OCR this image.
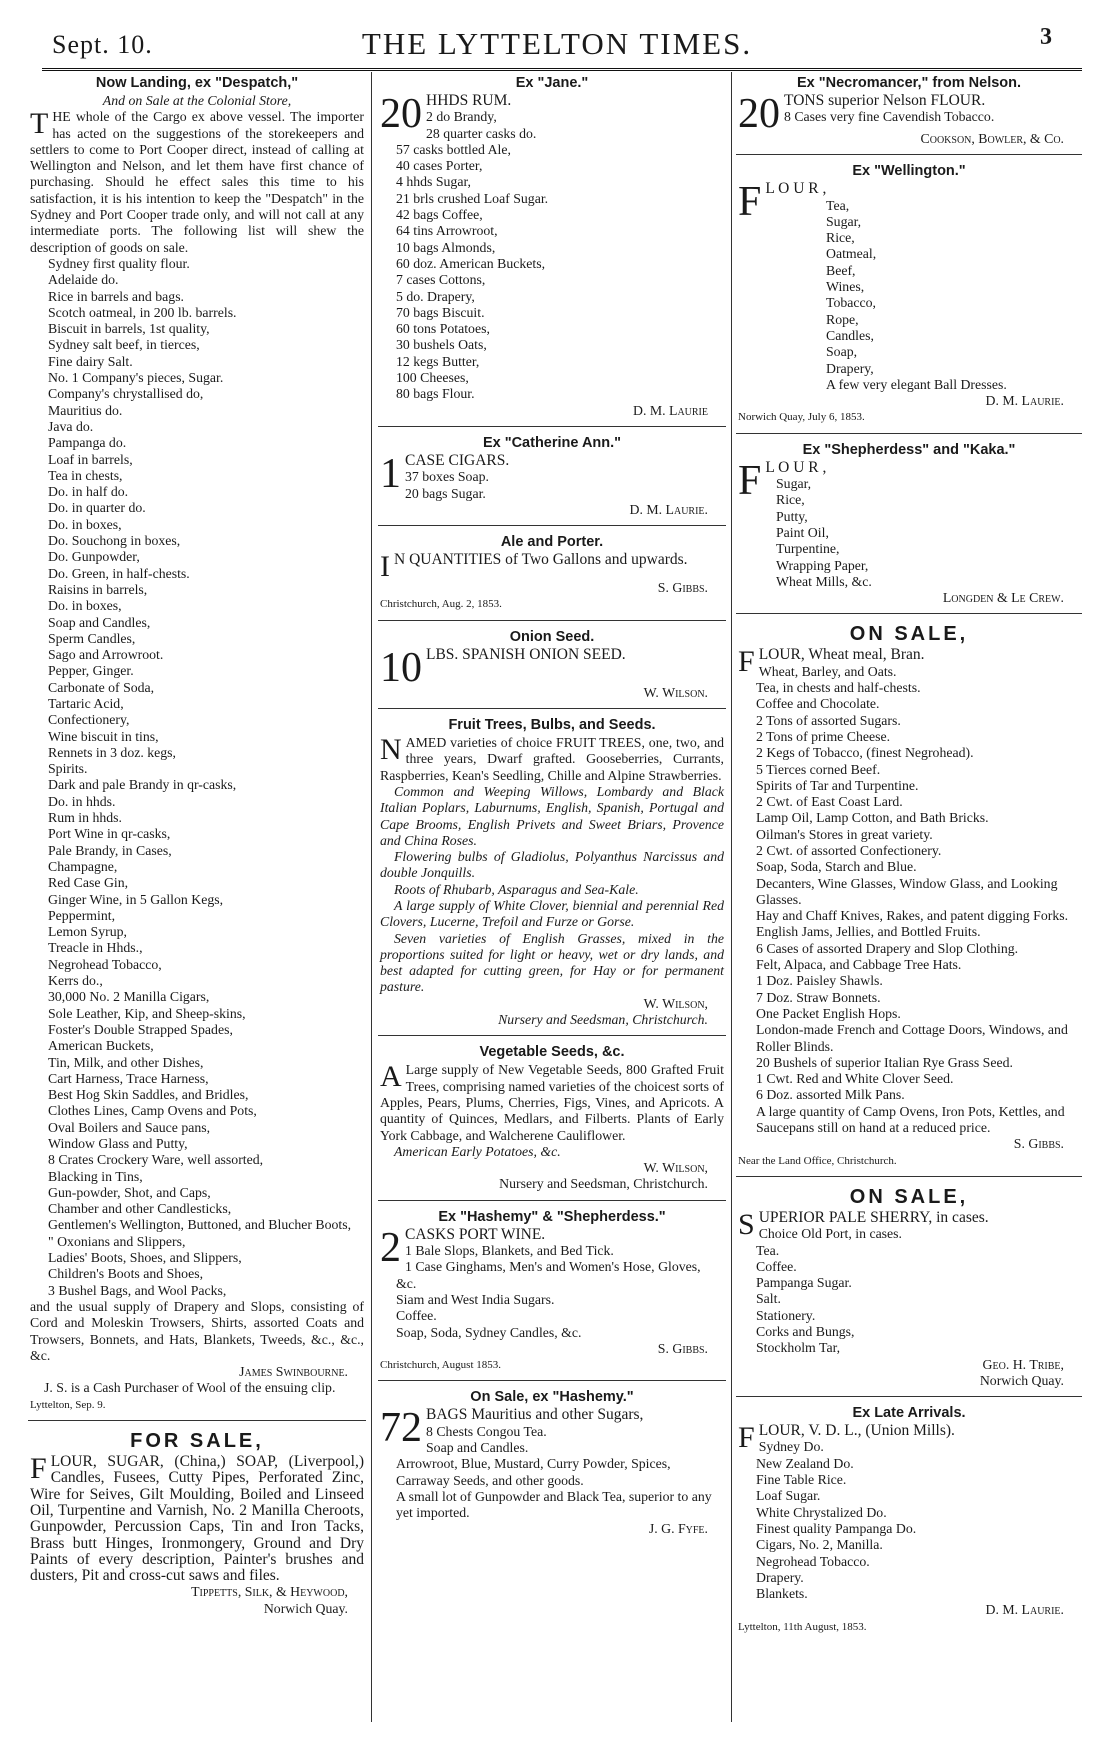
Sept. 10.	THE LYTTELTON TIMES.	3
Now Landing, ex "Despatch,"
And on Sale at the Colonial Store,

THE whole of the Cargo ex above vessel. The importer has acted on the suggestions of the storekeepers and settlers to come to Port Cooper direct, instead of calling at Wellington and Nelson, and let them have first chance of purchasing. Should he effect sales this time to his satisfaction, it is his intention to keep the "Despatch" in the Sydney and Port Cooper trade only, and will not call at any intermediate ports. The following list will shew the description of goods on sale.

Sydney first quality flour.
Adelaide do.
Rice in barrels and bags.
Scotch oatmeal, in 200 lb. barrels.
Biscuit in barrels, 1st quality,
Sydney salt beef, in tierces,
Fine dairy Salt.
No. 1 Company's pieces, Sugar.
Company's chrystallised do,
Mauritius do.
Java do.
Pampanga do.
Loaf in barrels,
Tea in chests,
Do. in half do.
Do. in quarter do.
Do. in boxes,
Do. Souchong in boxes,
Do. Gunpowder,
Do. Green, in half-chests.
Raisins in barrels,
Do. in boxes,
Soap and Candles,
Sperm Candles,
Sago and Arrowroot.
Pepper, Ginger.
Carbonate of Soda,
Tartaric Acid,
Confectionery,
Wine biscuit in tins,
Rennets in 3 doz. kegs,
Spirits.
Dark and pale Brandy in qr-casks,
Do. in hhds.
Rum in hhds.
Port Wine in qr-casks,
Pale Brandy, in Cases,
Champagne,
Red Case Gin,
Ginger Wine, in 5 Gallon Kegs,
Peppermint,
Lemon Syrup,
Treacle in Hhds.,
Negrohead Tobacco,
Kerrs do.,
30,000 No. 2 Manilla Cigars,
Sole Leather, Kip, and Sheep-skins,
Foster's Double Strapped Spades,
American Buckets,
Tin, Milk, and other Dishes,
Cart Harness, Trace Harness,
Best Hog Skin Saddles, and Bridles,
Clothes Lines, Camp Ovens and Pots,
Oval Boilers and Sauce pans,
Window Glass and Putty,
8 Crates Crockery Ware, well assorted,
Blacking in Tins,
Gun-powder, Shot, and Caps,
Chamber and other Candlesticks,
Gentlemen's Wellington, Buttoned, and Blucher Boots,
" Oxonians and Slippers,
Ladies' Boots, Shoes, and Slippers,
Children's Boots and Shoes,
3 Bushel Bags, and Wool Packs,

and the usual supply of Drapery and Slops, consisting of Cord and Moleskin Trowsers, Shirts, assorted Coats and Trowsers, Bonnets, and Hats, Blankets, Tweeds, &c., &c., &c.

James Swinbourne.

J. S. is a Cash Purchaser of Wool of the ensuing clip.

Lyttelton, Sep. 9.
FOR SALE,

FLOUR, SUGAR, (China,) SOAP, (Liverpool,) Candles, Fusees, Cutty Pipes, Perforated Zinc, Wire for Seives, Gilt Moulding, Boiled and Linseed Oil, Turpentine and Varnish, No. 2 Manilla Cheroots, Gunpowder, Percussion Caps, Tin and Iron Tacks, Brass butt Hinges, Ironmongery, Ground and Dry Paints of every description, Painter's brushes and dusters, Pit and cross-cut saws and files.

Tippetts, Silk, & Heywood,
Norwich Quay.
Ex "Jane."
20 HHDS RUM.
2 do Brandy,
28 quarter casks do.
57 casks bottled Ale,
40 cases Porter,
4 hhds Sugar,
21 brls crushed Loaf Sugar.
42 bags Coffee,
64 tins Arrowroot,
10 bags Almonds,
60 doz. American Buckets,
7 cases Cottons,
5 do. Drapery,
70 bags Biscuit.
60 tons Potatoes,
30 bushels Oats,
12 kegs Butter,
100 Cheeses,
80 bags Flour.
D. M. Laurie
Ex "Catherine Ann."
1 CASE CIGARS.
37 boxes Soap.
20 bags Sugar.
D. M. Laurie.
Ale and Porter.

I N QUANTITIES of Two Gallons and upwards.

S. Gibbs.
Christchurch, Aug. 2, 1853.
Onion Seed.
10 LBS. SPANISH ONION SEED.
W. Wilson.
Fruit Trees, Bulbs, and Seeds.

NAMED varieties of choice FRUIT TREES, one, two, and three years, Dwarf grafted. Gooseberries, Currants, Raspberries, Kean's Seedling, Chille and Alpine Strawberries.

Common and Weeping Willows, Lombardy and Black Italian Poplars, Laburnums, English, Spanish, Portugal and Cape Brooms, English Privets and Sweet Briars, Provence and China Roses.

Flowering bulbs of Gladiolus, Polyanthus Narcissus and double Jonquills.

Roots of Rhubarb, Asparagus and Sea-Kale.

A large supply of White Clover, biennial and perennial Red Clovers, Lucerne, Trefoil and Furze or Gorse.

Seven varieties of English Grasses, mixed in the proportions suited for light or heavy, wet or dry lands, and best adapted for cutting green, for Hay or for permanent pasture.

W. Wilson,
Nursery and Seedsman, Christchurch.
Vegetable Seeds, &c.

A Large supply of New Vegetable Seeds, 800 Grafted Fruit Trees, comprising named varieties of the choicest sorts of Apples, Pears, Plums, Cherries, Figs, Vines, and Apricots. A quantity of Quinces, Medlars, and Filberts. Plants of Early York Cabbage, and Walcherene Cauliflower.

American Early Potatoes, &c.

W. Wilson,
Nursery and Seedsman, Christchurch.
Ex "Hashemy" & "Shepherdess."
2 CASKS PORT WINE.
1 Bale Slops, Blankets, and Bed Tick.
1 Case Ginghams, Men's and Women's Hose, Gloves, &c.
Siam and West India Sugars.
Coffee.
Soap, Soda, Sydney Candles, &c.
S. Gibbs.
Christchurch, August 1853.
On Sale, ex "Hashemy."
72 BAGS Mauritius and other Sugars,
8 Chests Congou Tea.
Soap and Candles.
Arrowroot, Blue, Mustard, Curry Powder, Spices, Carraway Seeds, and other goods.
A small lot of Gunpowder and Black Tea, superior to any yet imported.
J. G. Fyfe.
Ex "Necromancer," from Nelson.
20 TONS superior Nelson FLOUR.
8 Cases very fine Cavendish Tobacco.
Cookson, Bowler, & Co.
Ex "Wellington."
F L O U R ,
Tea,
Sugar,
Rice,
Oatmeal,
Beef,
Wines,
Tobacco,
Rope,
Candles,
Soap,
Drapery,
A few very elegant Ball Dresses.
D. M. Laurie.
Norwich Quay, July 6, 1853.
Ex "Shepherdess" and "Kaka."
F L O U R ,
Sugar,
Rice,
Putty,
Paint Oil,
Turpentine,
Wrapping Paper,
Wheat Mills, &c.
Longden & Le Crew.
ON SALE,
FLOUR, Wheat meal, Bran.
Wheat, Barley, and Oats.
Tea, in chests and half-chests.
Coffee and Chocolate.
2 Tons of assorted Sugars.
2 Tons of prime Cheese.
2 Kegs of Tobacco, (finest Negrohead).
5 Tierces corned Beef.
Spirits of Tar and Turpentine.
2 Cwt. of East Coast Lard.
Lamp Oil, Lamp Cotton, and Bath Bricks.
Oilman's Stores in great variety.
2 Cwt. of assorted Confectionery.
Soap, Soda, Starch and Blue.
Decanters, Wine Glasses, Window Glass, and Looking Glasses.
Hay and Chaff Knives, Rakes, and patent digging Forks.
English Jams, Jellies, and Bottled Fruits.
6 Cases of assorted Drapery and Slop Clothing.
Felt, Alpaca, and Cabbage Tree Hats.
1 Doz. Paisley Shawls.
7 Doz. Straw Bonnets.
One Packet English Hops.
London-made French and Cottage Doors, Windows, and Roller Blinds.
20 Bushels of superior Italian Rye Grass Seed.
1 Cwt. Red and White Clover Seed.
6 Doz. assorted Milk Pans.
A large quantity of Camp Ovens, Iron Pots, Kettles, and Saucepans still on hand at a reduced price.
S. Gibbs.
Near the Land Office, Christchurch.
ON SALE,
SUPERIOR PALE SHERRY, in cases.
Choice Old Port, in cases.
Tea.
Coffee.
Pampanga Sugar.
Salt.
Stationery.
Corks and Bungs,
Stockholm Tar,
Geo. H. Tribe,
Norwich Quay.
Ex Late Arrivals.
FLOUR, V. D. L., (Union Mills).
Sydney Do.
New Zealand Do.
Fine Table Rice.
Loaf Sugar.
White Chrystalized Do.
Finest quality Pampanga Do.
Cigars, No. 2, Manilla.
Negrohead Tobacco.
Drapery.
Blankets.
D. M. Laurie.
Lyttelton, 11th August, 1853.
